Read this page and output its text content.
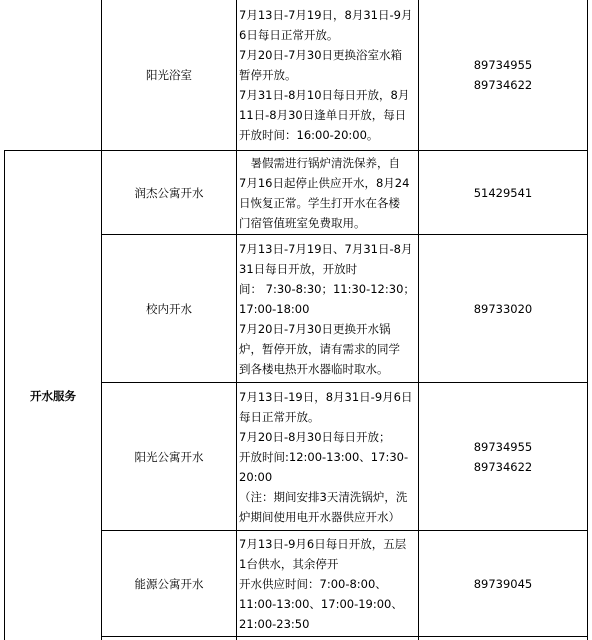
开水服务
阳光浴室
7月13日-7月19日，8月31日-9月
6日每日正常开放。
7月20日-7月30日更换浴室水箱
暂停开放。
7月31日-8月10日每日开放，8月
11日-8月30日逢单日开放，每日
开放时间：16:00-20:00。
89734955
89734622
润杰公寓开水
　暑假需进行锅炉清洗保养，自
7月16日起停止供应开水，8月24
日恢复正常。学生打开水在各楼
门宿管值班室免费取用。
51429541
校内开水
7月13日-7月19日、7月31日-8月
31日每日开放，开放时
间： 7:30-8:30；11:30-12:30；
17:00-18:00
7月20日-7月30日更换开水锅
炉，暂停开放，请有需求的同学
到各楼电热开水器临时取水。
89733020
阳光公寓开水
7月13日-19日，8月31日-9月6日
每日正常开放。
7月20日-8月30日每日开放；
开放时间:12:00-13:00、17:30-
20:00
（注：期间安排3天清洗锅炉，洗
炉期间使用电开水器供应开水）
89734955
89734622
能源公寓开水
7月13日-9月6日每日开放，五层
1台供水，其余停开
开水供应时间：7:00-8:00、
11:00-13:00、17:00-19:00、
21:00-23:50
89739045
